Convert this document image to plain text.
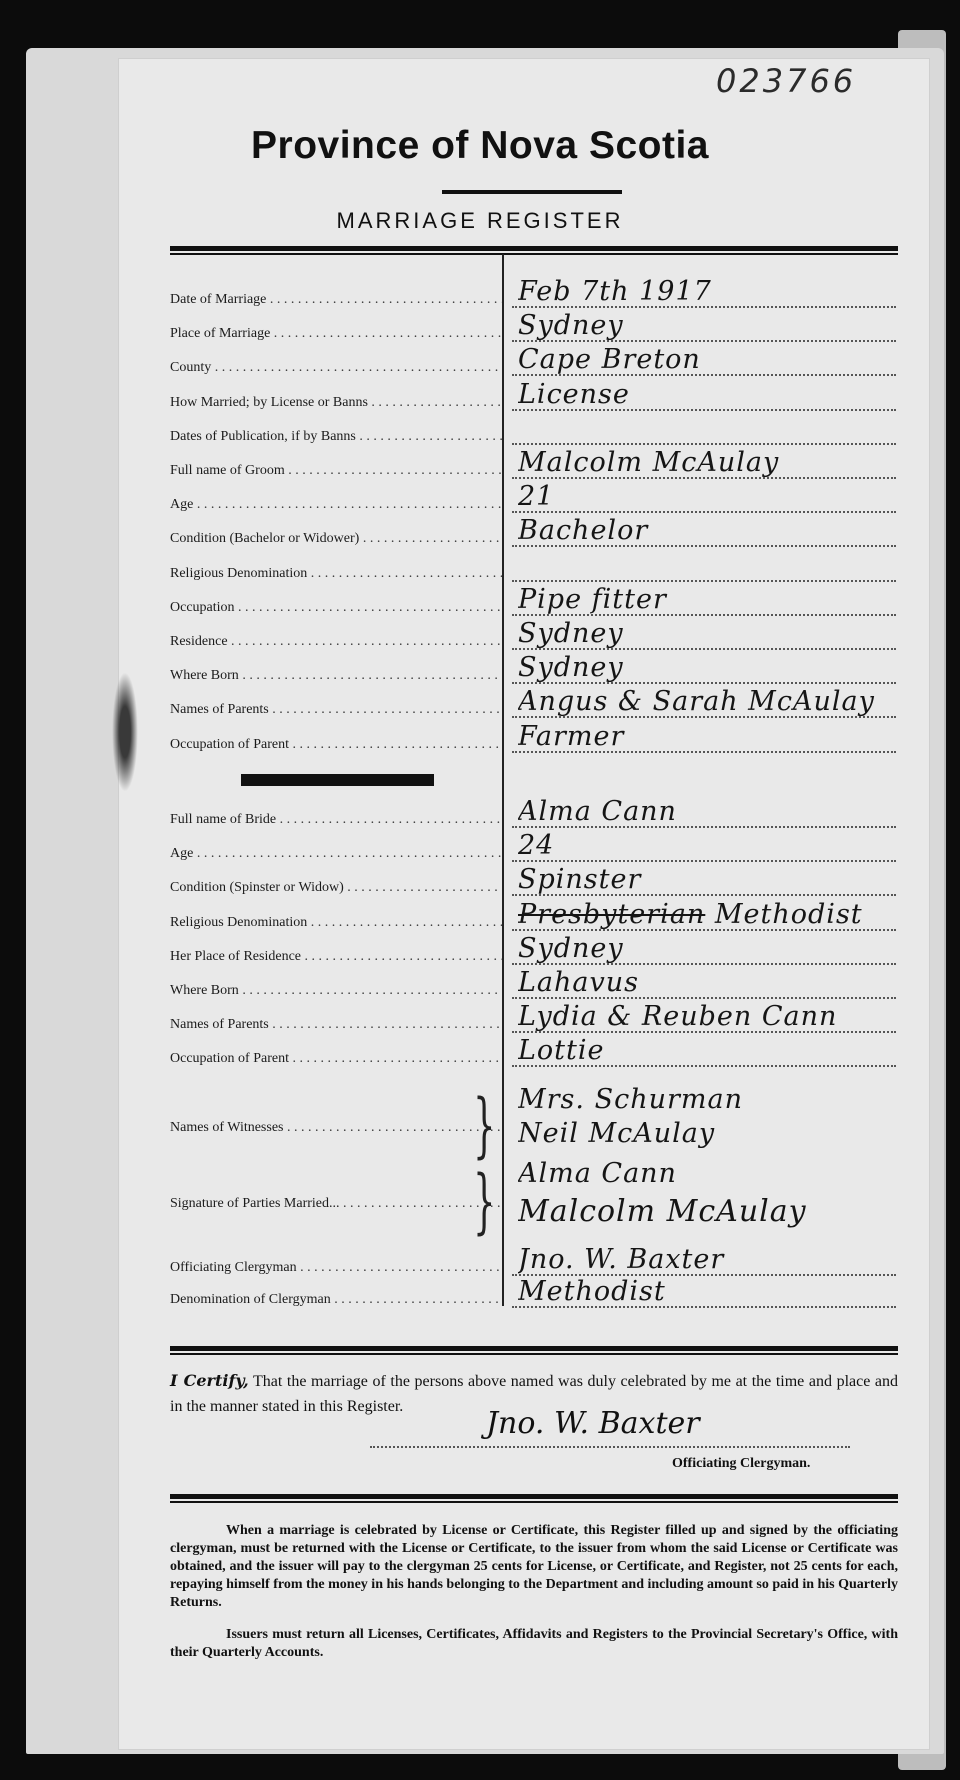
023766
Province of Nova Scotia
MARRIAGE REGISTER
Date of Marriage . . .	Feb 7th 1917
Place of Marriage . . .	Sydney
County . . .	Cape Breton
How Married; by License or Banns . . .	License
Dates of Publication, if by Banns . . .
Full name of Groom . . .	Malcolm McAulay
Age . . .	21
Condition (Bachelor or Widower) . . .	Bachelor
Religious Denomination . . .
Occupation . . .	Pipe fitter
Residence . . .	Sydney
Where Born . . .	Sydney
Names of Parents . . .	Angus & Sarah McAulay
Occupation of Parent . . .	Farmer
Full name of Bride . . .	Alma Cann
Age . . .	24
Condition (Spinster or Widow) . . .	Spinster
Religious Denomination . . .	Presbyterian Methodist
Her Place of Residence . . .	Sydney
Where Born . . .	Lahavus
Names of Parents . . .	Lydia & Reuben Cann
Occupation of Parent . . .	Lottie
Names of Witnesses . . .
Mrs. Schurman
Neil McAulay
}
Signature of Parties Married... . . .
Alma Cann
Malcolm McAulay
}
Officiating Clergyman . . .	Jno. W. Baxter
Denomination of Clergyman . . .	Methodist
I Certify, That the marriage of the persons above named was duly celebrated by me at the time and place and in the manner stated in this Register.	Jno. W. Baxter
Officiating Clergyman.

When a marriage is celebrated by License or Certificate, this Register filled up and signed by the officiating clergyman, must be returned with the License or Certificate, to the issuer from whom the said License or Certificate was obtained, and the issuer will pay to the clergyman 25 cents for License, or Certificate, and Register, not 25 cents for each, repaying himself from the money in his hands belonging to the Department and including amount so paid in his Quarterly Returns.

Issuers must return all Licenses, Certificates, Affidavits and Registers to the Provincial Secretary's Office, with their Quarterly Accounts.
